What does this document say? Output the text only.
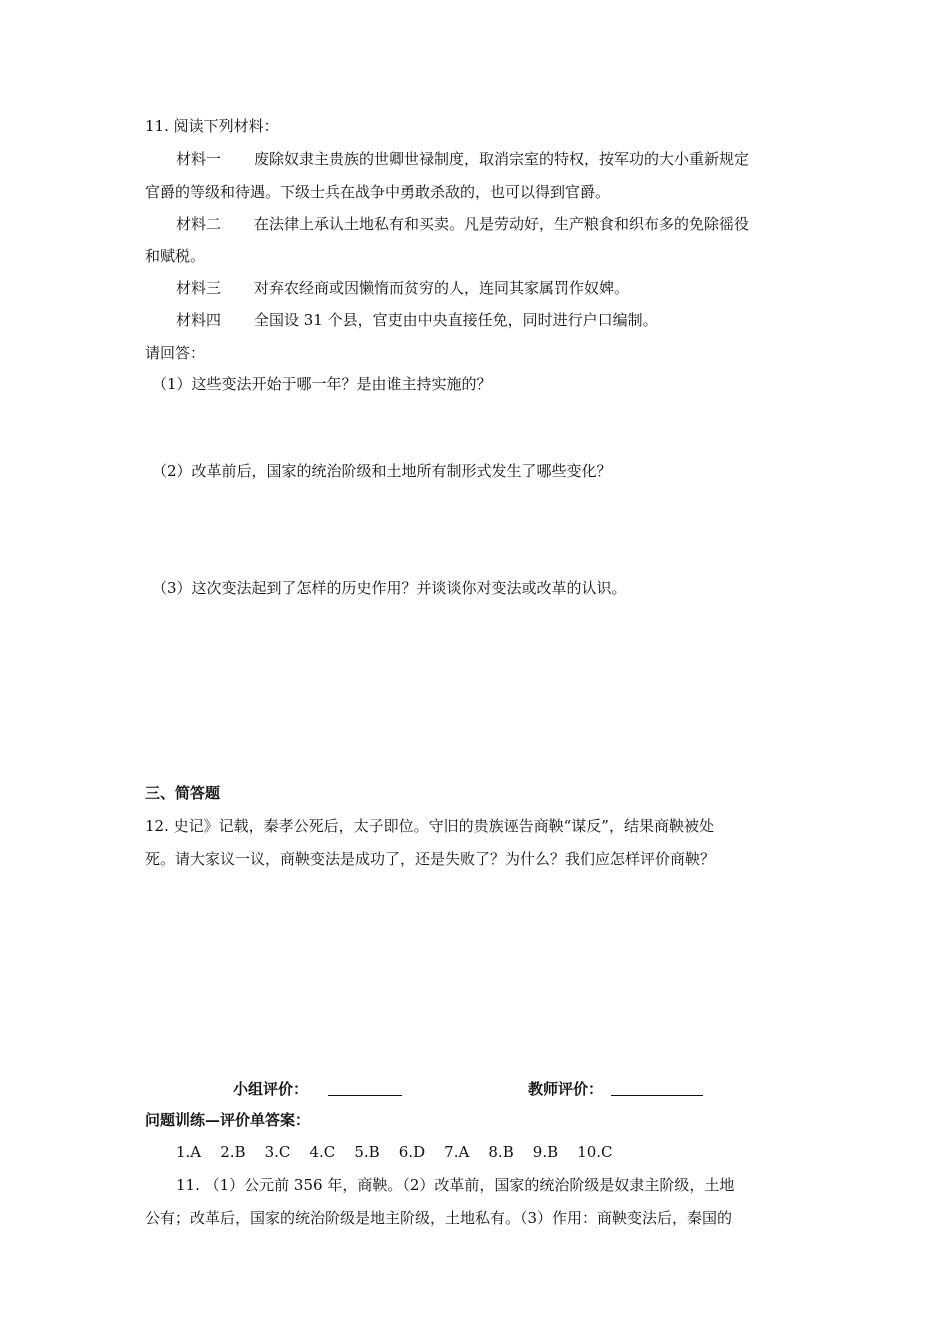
11. 阅读下列材料：
材料一 废除奴隶主贵族的世卿世禄制度，取消宗室的特权，按军功的大小重新规定
官爵的等级和待遇。下级士兵在战争中勇敢杀敌的，也可以得到官爵。
材料二 在法律上承认土地私有和买卖。凡是劳动好，生产粮食和织布多的免除徭役
和赋税。
材料三 对弃农经商或因懒惰而贫穷的人，连同其家属罚作奴婢。
材料四 全国设 31 个县，官吏由中央直接任免，同时进行户口编制。
请回答：
（1）这些变法开始于哪一年？是由谁主持实施的？
（2）改革前后，国家的统治阶级和土地所有制形式发生了哪些变化？
（3）这次变法起到了怎样的历史作用？并谈谈你对变法或改革的认识。
三、简答题
12. 史记》记载，秦孝公死后，太子即位。守旧的贵族诬告商鞅“谋反”，结果商鞅被处
死。请大家议一议，商鞅变法是成功了，还是失败了？为什么？我们应怎样评价商鞅？
小组评价：	教师评价：
问题训练—评价单答案：
1.A    2.B    3.C    4.C    5.B    6.D    7.A    8.B    9.B    10.C
11. （1）公元前 356 年，商鞅。（2）改革前，国家的统治阶级是奴隶主阶级，土地
公有；改革后，国家的统治阶级是地主阶级，土地私有。（3）作用：商鞅变法后，秦国的
